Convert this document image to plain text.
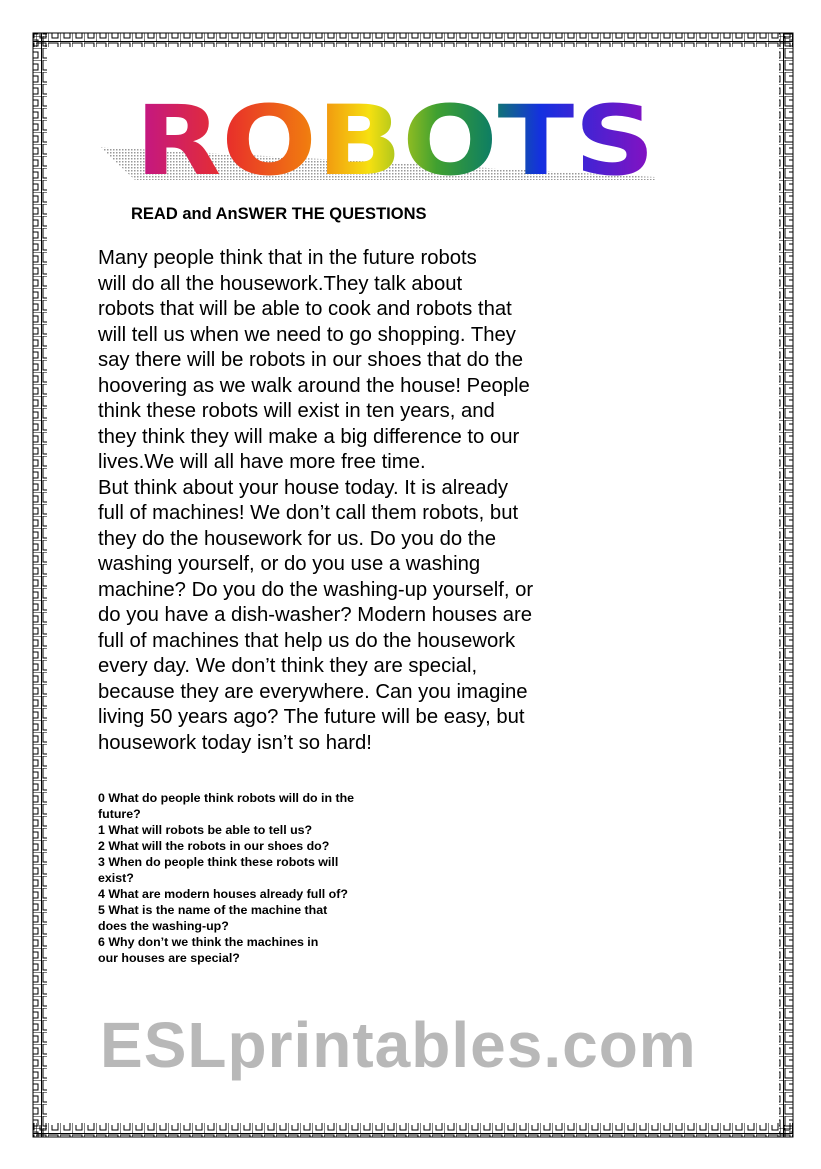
ESLprintables.com
ROBOTS
READ and AnSWER THE QUESTIONS
Many people think that in the future robots
will do all the housework.They talk about
robots that will be able to cook and robots that
will tell us when we need to go shopping. They
say there will be robots in our shoes that do the
hoovering as we walk around the house! People
think these robots will exist in ten years, and
they think they will make a big difference to our
lives.We will all have more free time.
But think about your house today. It is already
full of machines! We don’t call them robots, but
they do the housework for us. Do you do the
washing yourself, or do you use a washing
machine? Do you do the washing-up yourself, or
do you have a dish-washer? Modern houses are
full of machines that help us do the housework
every day. We don’t think they are special,
because they are everywhere. Can you imagine
living 50 years ago? The future will be easy, but
housework today isn’t so hard!
0 What do people think robots will do in the
future?
1 What will robots be able to tell us?
2 What will the robots in our shoes do?
3 When do people think these robots will
exist?
4 What are modern houses already full of?
5 What is the name of the machine that
does the washing-up?
6 Why don’t we think the machines in
our houses are special?
